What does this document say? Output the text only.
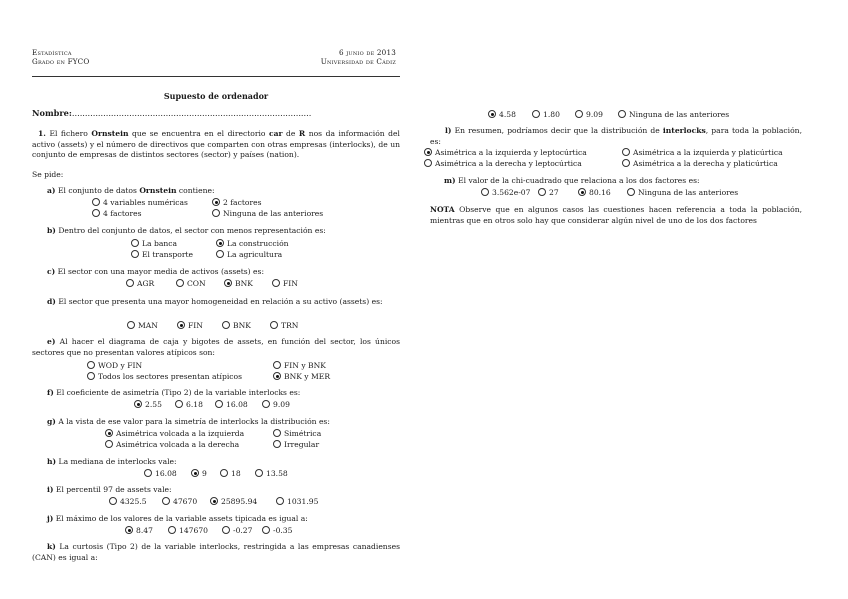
Estadística
Grado en FYCO
6 junio de 2013
Universidad de Cádiz
Supuesto de ordenador
Nombre:............................................................................................
1. El fichero Ornstein que se encuentra en el directorio car de R nos da información del activo (assets) y el número de directivos que comparten con otras empresas (interlocks), de un conjunto de empresas de distintos sectores (sector) y países (nation).
Se pide:
a) El conjunto de datos Ornstein contiene:
4 variables numéricas	2 factores
4 factores	Ninguna de las anteriores
b) Dentro del conjunto de datos, el sector con menos representación es:
La banca	La construcción
El transporte	La agricultura
c) El sector con una mayor media de activos (assets) es:
AGR	CON	BNK	FIN
d) El sector que presenta una mayor homogeneidad en relación a su activo (assets) es:
MAN	FIN	BNK	TRN
e) Al hacer el diagrama de caja y bigotes de assets, en función del sector, los únicos sectores que no presentan valores atípicos son:
WOD y FIN	FIN y BNK
Todos los sectores presentan atípicos	BNK y MER
f) El coeficiente de asimetría (Tipo 2) de la variable interlocks es:
2.55	6.18	16.08	9.09
g) A la vista de ese valor para la simetría de interlocks la distribución es:
Asimétrica volcada a la izquierda	Simétrica
Asimétrica volcada a la derecha	Irregular
h) La mediana de interlocks vale:
16.08	9	18	13.58
i) El percentil 97 de assets vale:
4325.5	47670	25895.94	1031.95
j) El máximo de los valores de la variable assets tipicada es igual a:
8.47	147670	-0.27	-0.35
k) La curtosis (Tipo 2) de la variable interlocks, restringida a las empresas canadienses (CAN) es igual a:
4.58	1.80	9.09	Ninguna de las anteriores
l) En resumen, podríamos decir que la distribución de interlocks, para toda la población, es:
Asimétrica a la izquierda y leptocúrtica	Asimétrica a la izquierda y platicúrtica
Asimétrica a la derecha y leptocúrtica	Asimétrica a la derecha y platicúrtica
m) El valor de la chi-cuadrado que relaciona a los dos factores es:
3.562e-07	27	80.16	Ninguna de las anteriores
NOTA Observe que en algunos casos las cuestiones hacen referencia a toda la población, mientras que en otros solo hay que considerar algún nivel de uno de los dos factores
